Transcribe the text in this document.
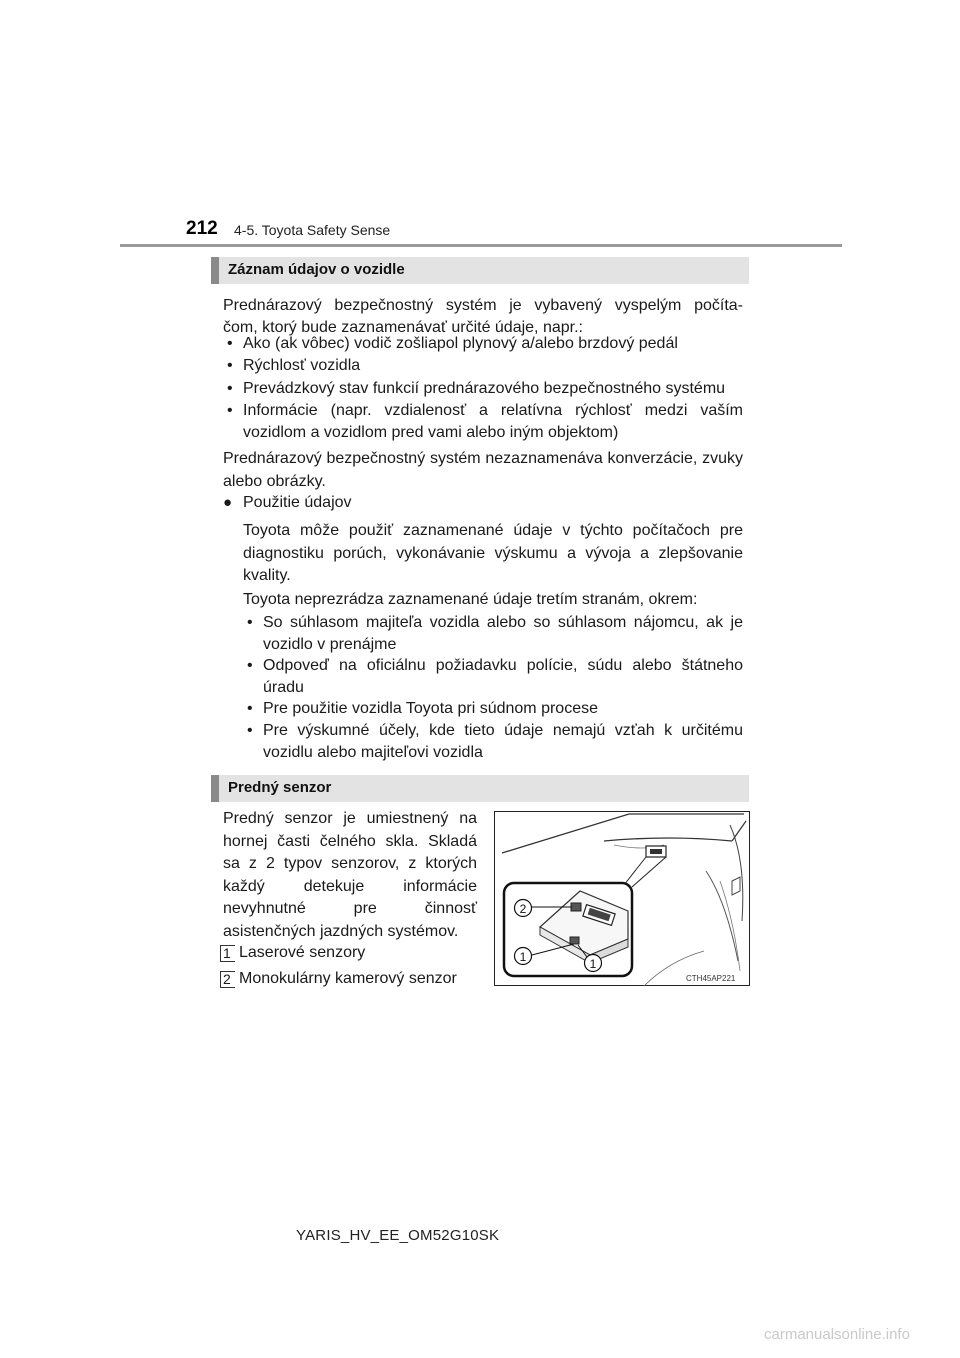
212 4-5. Toyota Safety Sense
Záznam údajov o vozidle
Prednárazový bezpečnostný systém je vybavený vyspelým počíta-
čom, ktorý bude zaznamenávať určité údaje, napr.:
• Ako (ak vôbec) vodič zošliapol plynový a/alebo brzdový pedál
• Rýchlosť vozidla
• Prevádzkový stav funkcií prednárazového bezpečnostného systému
• Informácie (napr. vzdialenosť a relatívna rýchlosť medzi vaším vozidlom a vozidlom pred vami alebo iným objektom)
Prednárazový bezpečnostný systém nezaznamenáva konverzácie, zvuky alebo obrázky.
● Použitie údajov
Toyota môže použiť zaznamenané údaje v týchto počítačoch pre diagnostiku porúch, vykonávanie výskumu a vývoja a zlepšovanie kvality.
Toyota neprezrádza zaznamenané údaje tretím stranám, okrem:
• So súhlasom majiteľa vozidla alebo so súhlasom nájomcu, ak je vozidlo v prenájme
• Odpoveď na oficiálnu požiadavku polície, súdu alebo štátneho úradu
• Pre použitie vozidla Toyota pri súdnom procese
• Pre výskumné účely, kde tieto údaje nemajú vzťah k určitému vozidlu alebo majiteľovi vozidla
Predný senzor
Predný senzor je umiestnený na hornej časti čelného skla. Skladá sa z 2 typov senzorov, z ktorých každý detekuje informácie nevyhnutné pre činnosť asistenčných jazdných systémov.
1 Laserové senzory
2 Monokulárny kamerový senzor
2
1	1
CTH45AP221
YARIS_HV_EE_OM52G10SK
carmanualsonline.info
